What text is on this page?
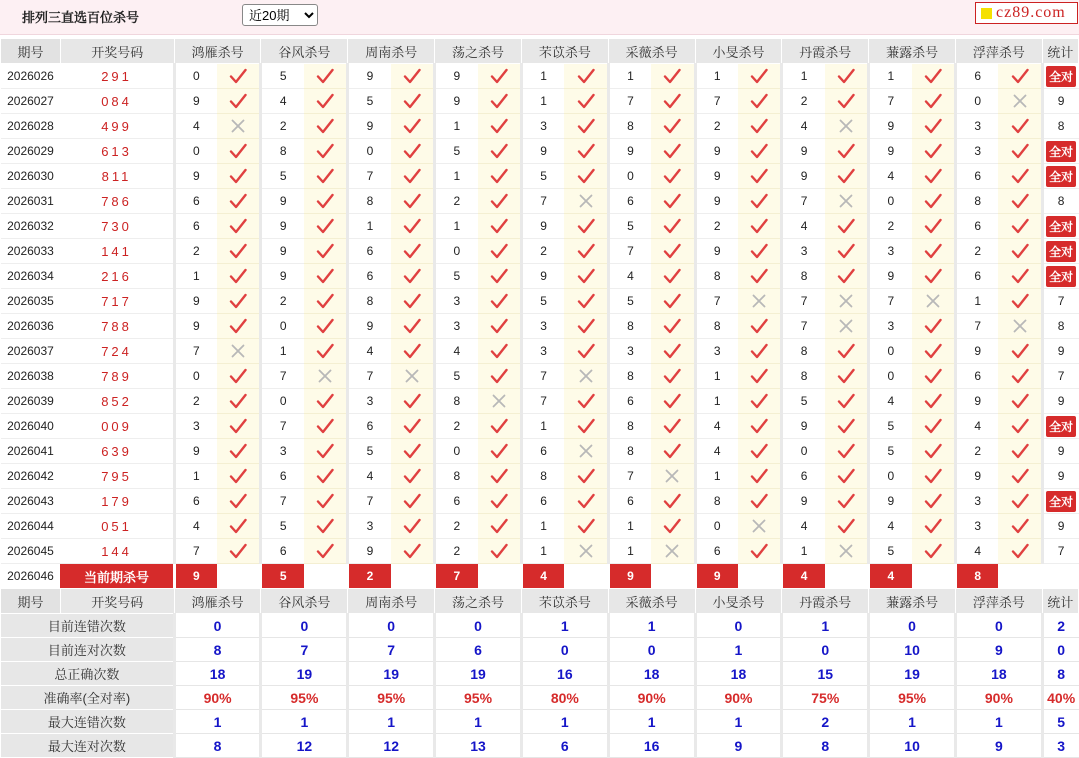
排列三直选百位杀号
近20期	cz89.com
期号	开奖号码	鸿雁杀号		谷风杀号		周南杀号		荡之杀号		芣苡杀号		采薇杀号		小旻杀号		丹霞杀号		蒹露杀号		浮萍杀号		统计
2026026	291	0		5		9		9		1		1		1		1		1		6		全对
2026027	084	9		4		5		9		1		7		7		2		7		0		9
2026028	499	4		2		9		1		3		8		2		4		9		3		8
2026029	613	0		8		0		5		9		9		9		9		9		3		全对
2026030	811	9		5		7		1		5		0		9		9		4		6		全对
2026031	786	6		9		8		2		7		6		9		7		0		8		8
2026032	730	6		9		1		1		9		5		2		4		2		6		全对
2026033	141	2		9		6		0		2		7		9		3		3		2		全对
2026034	216	1		9		6		5		9		4		8		8		9		6		全对
2026035	717	9		2		8		3		5		5		7		7		7		1		7
2026036	788	9		0		9		3		3		8		8		7		3		7		8
2026037	724	7		1		4		4		3		3		3		8		0		9		9
2026038	789	0		7		7		5		7		8		1		8		0		6		7
2026039	852	2		0		3		8		7		6		1		5		4		9		9
2026040	009	3		7		6		2		1		8		4		9		5		4		全对
2026041	639	9		3		5		0		6		8		4		0		5		2		9
2026042	795	1		6		4		8		8		7		1		6		0		9		9
2026043	179	6		7		7		6		6		6		8		9		9		3		全对
2026044	051	4		5		3		2		1		1		0		4		4		3		9
2026045	144	7		6		9		2		1		1		6		1		5		4		7
2026046	当前期杀号	9		5		2		7		4		9		9		4		4		8		
期号	开奖号码	鸿雁杀号		谷风杀号		周南杀号		荡之杀号		芣苡杀号		采薇杀号		小旻杀号		丹霞杀号		蒹露杀号		浮萍杀号		统计
目前连错次数		0		0		0		0		1		1		0		1		0		0		2
目前连对次数		8		7		7		6		0		0		1		0		10		9		0
总正确次数		18		19		19		19		16		18		18		15		19		18		8
准确率(全对率)		90%		95%		95%		95%		80%		90%		90%		75%		95%		90%		40%
最大连错次数		1		1		1		1		1		1		1		2		1		1		5
最大连对次数		8		12		12		13		6		16		9		8		10		9		3
